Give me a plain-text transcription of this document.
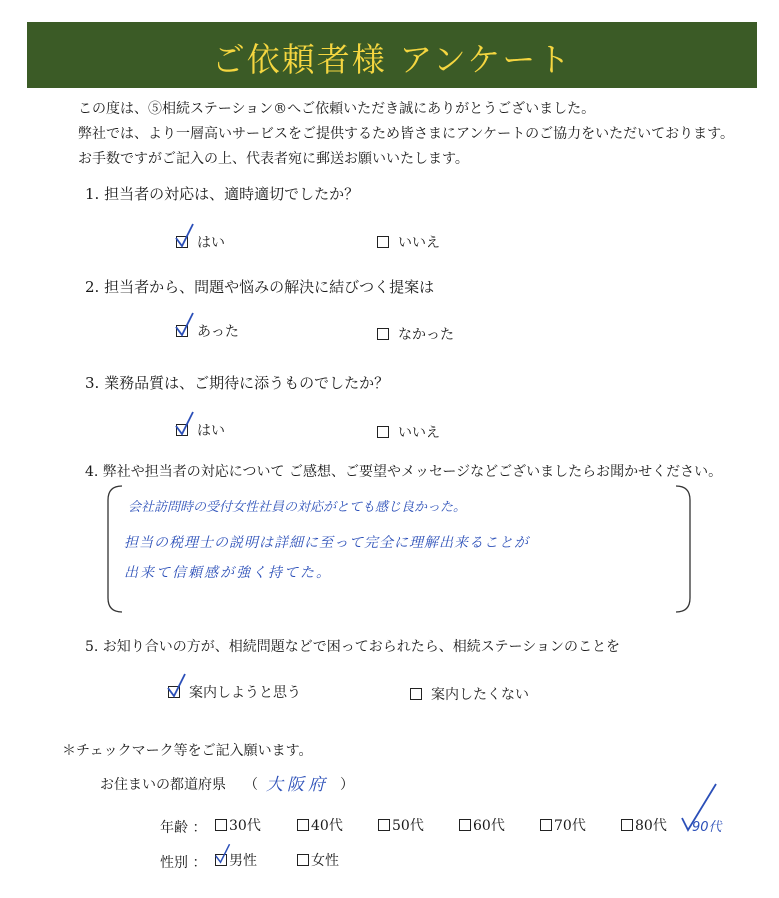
ご依頼者様 アンケート
この度は、⑤相続ステーション®へご依頼いただき誠にありがとうございました。
弊社では、より一層高いサービスをご提供するため皆さまにアンケートのご協力をいただいております。
お手数ですがご記入の上、代表者宛に郵送お願いいたします。
1. 担当者の対応は、適時適切でしたか？
はい	いいえ
2. 担当者から、問題や悩みの解決に結びつく提案は
あった	なかった
3. 業務品質は、ご期待に添うものでしたか？
はい	いいえ
4. 弊社や担当者の対応について ご感想、ご要望やメッセージなどございましたらお聞かせください。
会社訪問時の受付女性社員の対応がとても感じ良かった。
担当の税理士の説明は詳細に至って完全に理解出来ることが
出来て信頼感が強く持てた。
5. お知り合いの方が、相続問題などで困っておられたら、相続ステーションのことを
案内しようと思う	案内したくない
＊チェックマーク等をご記入願います。
お住まいの都道府県 （ 大阪府 ）
年齢 ：	30代	40代	50代	60代	70代	80代 90代
性別 ：	男性	女性
